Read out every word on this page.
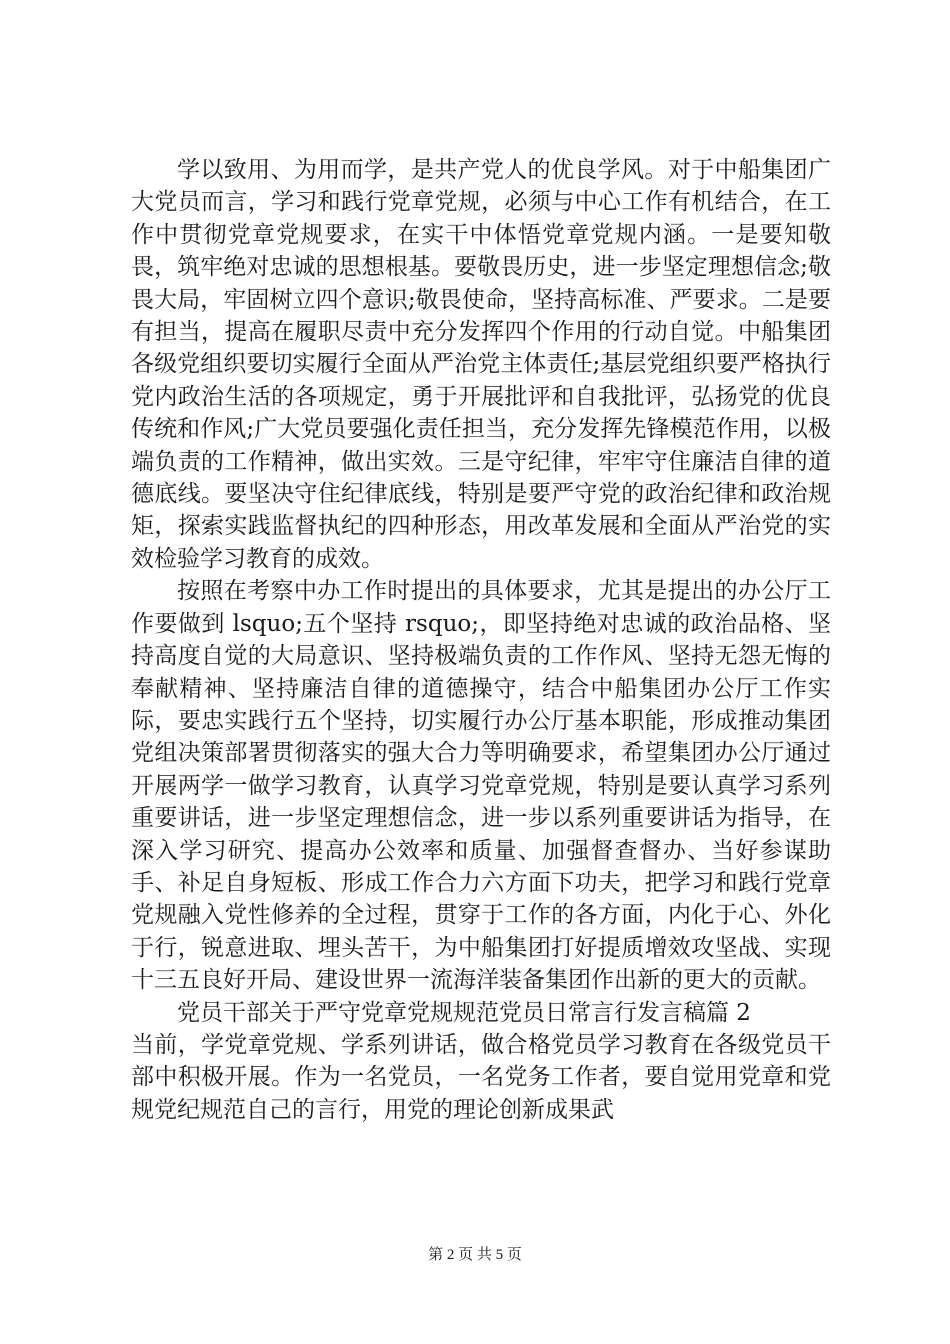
学以致用、为用而学，是共产党人的优良学风。对于中船集团广大党员而言，学习和践行党章党规，必须与中心工作有机结合，在工作中贯彻党章党规要求，在实干中体悟党章党规内涵。一是要知敬畏，筑牢绝对忠诚的思想根基。要敬畏历史，进一步坚定理想信念;敬畏大局，牢固树立四个意识;敬畏使命，坚持高标准、严要求。二是要有担当，提高在履职尽责中充分发挥四个作用的行动自觉。中船集团各级党组织要切实履行全面从严治党主体责任;基层党组织要严格执行党内政治生活的各项规定，勇于开展批评和自我批评，弘扬党的优良传统和作风;广大党员要强化责任担当，充分发挥先锋模范作用，以极端负责的工作精神，做出实效。三是守纪律，牢牢守住廉洁自律的道德底线。要坚决守住纪律底线，特别是要严守党的政治纪律和政治规矩，探索实践监督执纪的四种形态，用改革发展和全面从严治党的实效检验学习教育的成效。

按照在考察中办工作时提出的具体要求，尤其是提出的办公厅工作要做到 lsquo;五个坚持 rsquo;，即坚持绝对忠诚的政治品格、坚持高度自觉的大局意识、坚持极端负责的工作作风、坚持无怨无悔的奉献精神、坚持廉洁自律的道德操守，结合中船集团办公厅工作实际，要忠实践行五个坚持，切实履行办公厅基本职能，形成推动集团党组决策部署贯彻落实的强大合力等明确要求，希望集团办公厅通过开展两学一做学习教育，认真学习党章党规，特别是要认真学习系列重要讲话，进一步坚定理想信念，进一步以系列重要讲话为指导，在深入学习研究、提高办公效率和质量、加强督查督办、当好参谋助手、补足自身短板、形成工作合力六方面下功夫，把学习和践行党章党规融入党性修养的全过程，贯穿于工作的各方面，内化于心、外化于行，锐意进取、埋头苦干，为中船集团打好提质增效攻坚战、实现十三五良好开局、建设世界一流海洋装备集团作出新的更大的贡献。

党员干部关于严守党章党规规范党员日常言行发言稿篇 2

当前，学党章党规、学系列讲话，做合格党员学习教育在各级党员干部中积极开展。作为一名党员，一名党务工作者，要自觉用党章和党规党纪规范自己的言行，用党的理论创新成果武

第 2 页 共 5 页
